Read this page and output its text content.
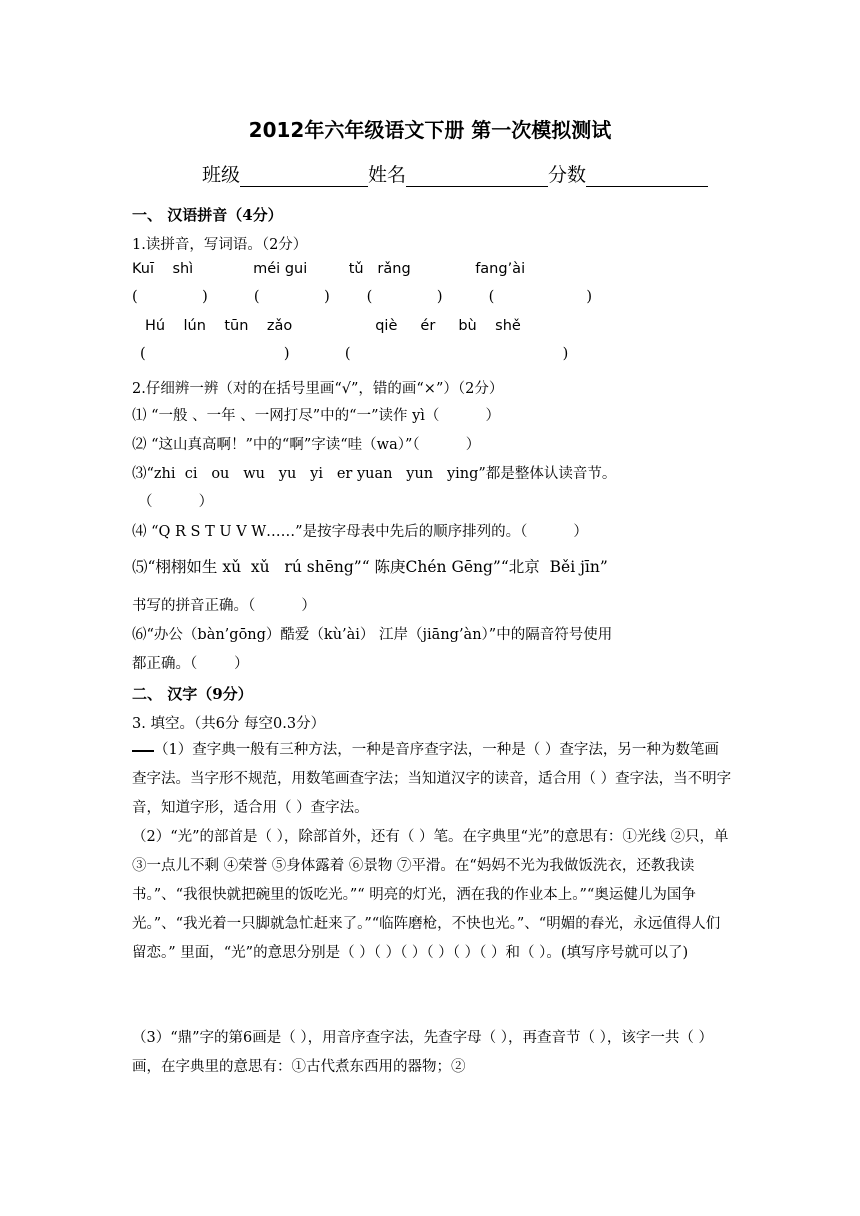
2012年六年级语文下册 第一次模拟测试
班级	姓名	分数
一、 汉语拼音（4分）
1.读拼音，写词语。（2分）
Kuī    shì             méi gui         tǔ   rǎng              fang’ài
(              )          (              )        (              )          (                    )
Hú    lún    tūn    zǎo                  qiè     ér     bù    shě
(                              )            (                                              )
2.仔细辨一辨（对的在括号里画“√”，错的画“×”）（2分）
⑴ “一般 、一年 、一网打尽”中的“一”读作 yì（          ）
⑵ “这山真高啊！”中的“啊”字读“哇（wa）”（          ）
⑶“zhi  ci   ou   wu   yu   yi   er yuan   yun   ying”都是整体认读音节。
（          ）
⑷ “Q R S T U V W……”是按字母表中先后的顺序排列的。（          ）
⑸“栩栩如生 xǔ  xǔ   rú shēng”“ 陈庚Chén Gēng”“北京  Běi jīn”
书写的拼音正确。（          ）
⑹“办公（bàn’gōng）酷爱（kù’ài） 江岸（jiāng’àn）”中的隔音符号使用
都正确。（        ）
二、 汉字（9分）
3. 填空。（共6分 每空0.3分）
（1）查字典一般有三种方法，一种是音序查字法，一种是（ ）查字法，另一种为数笔画查字法。当字形不规范，用数笔画查字法；当知道汉字的读音，适合用（ ）查字法，当不明字音，知道字形，适合用（ ）查字法。
（2）“光”的部首是（ ），除部首外，还有（ ）笔。在字典里“光”的意思有：①光线 ②只，单 ③一点儿不剩 ④荣誉 ⑤身体露着 ⑥景物 ⑦平滑。在“妈妈不光为我做饭洗衣，还教我读书。”、“我很快就把碗里的饭吃光。”“ 明亮的灯光，洒在我的作业本上。”“奥运健儿为国争光。”、“我光着一只脚就急忙赶来了。”“临阵磨枪，不快也光。”、“明媚的春光，永远值得人们留恋。” 里面，“光”的意思分别是（ ）（ ）（ ）（ ）（ ）（ ）和（ ）。(填写序号就可以了)
（3）“鼎”字的第6画是（ ），用音序查字法，先查字母（ ），再查音节（ ），该字一共（ ）画，在字典里的意思有：①古代煮东西用的器物；②
